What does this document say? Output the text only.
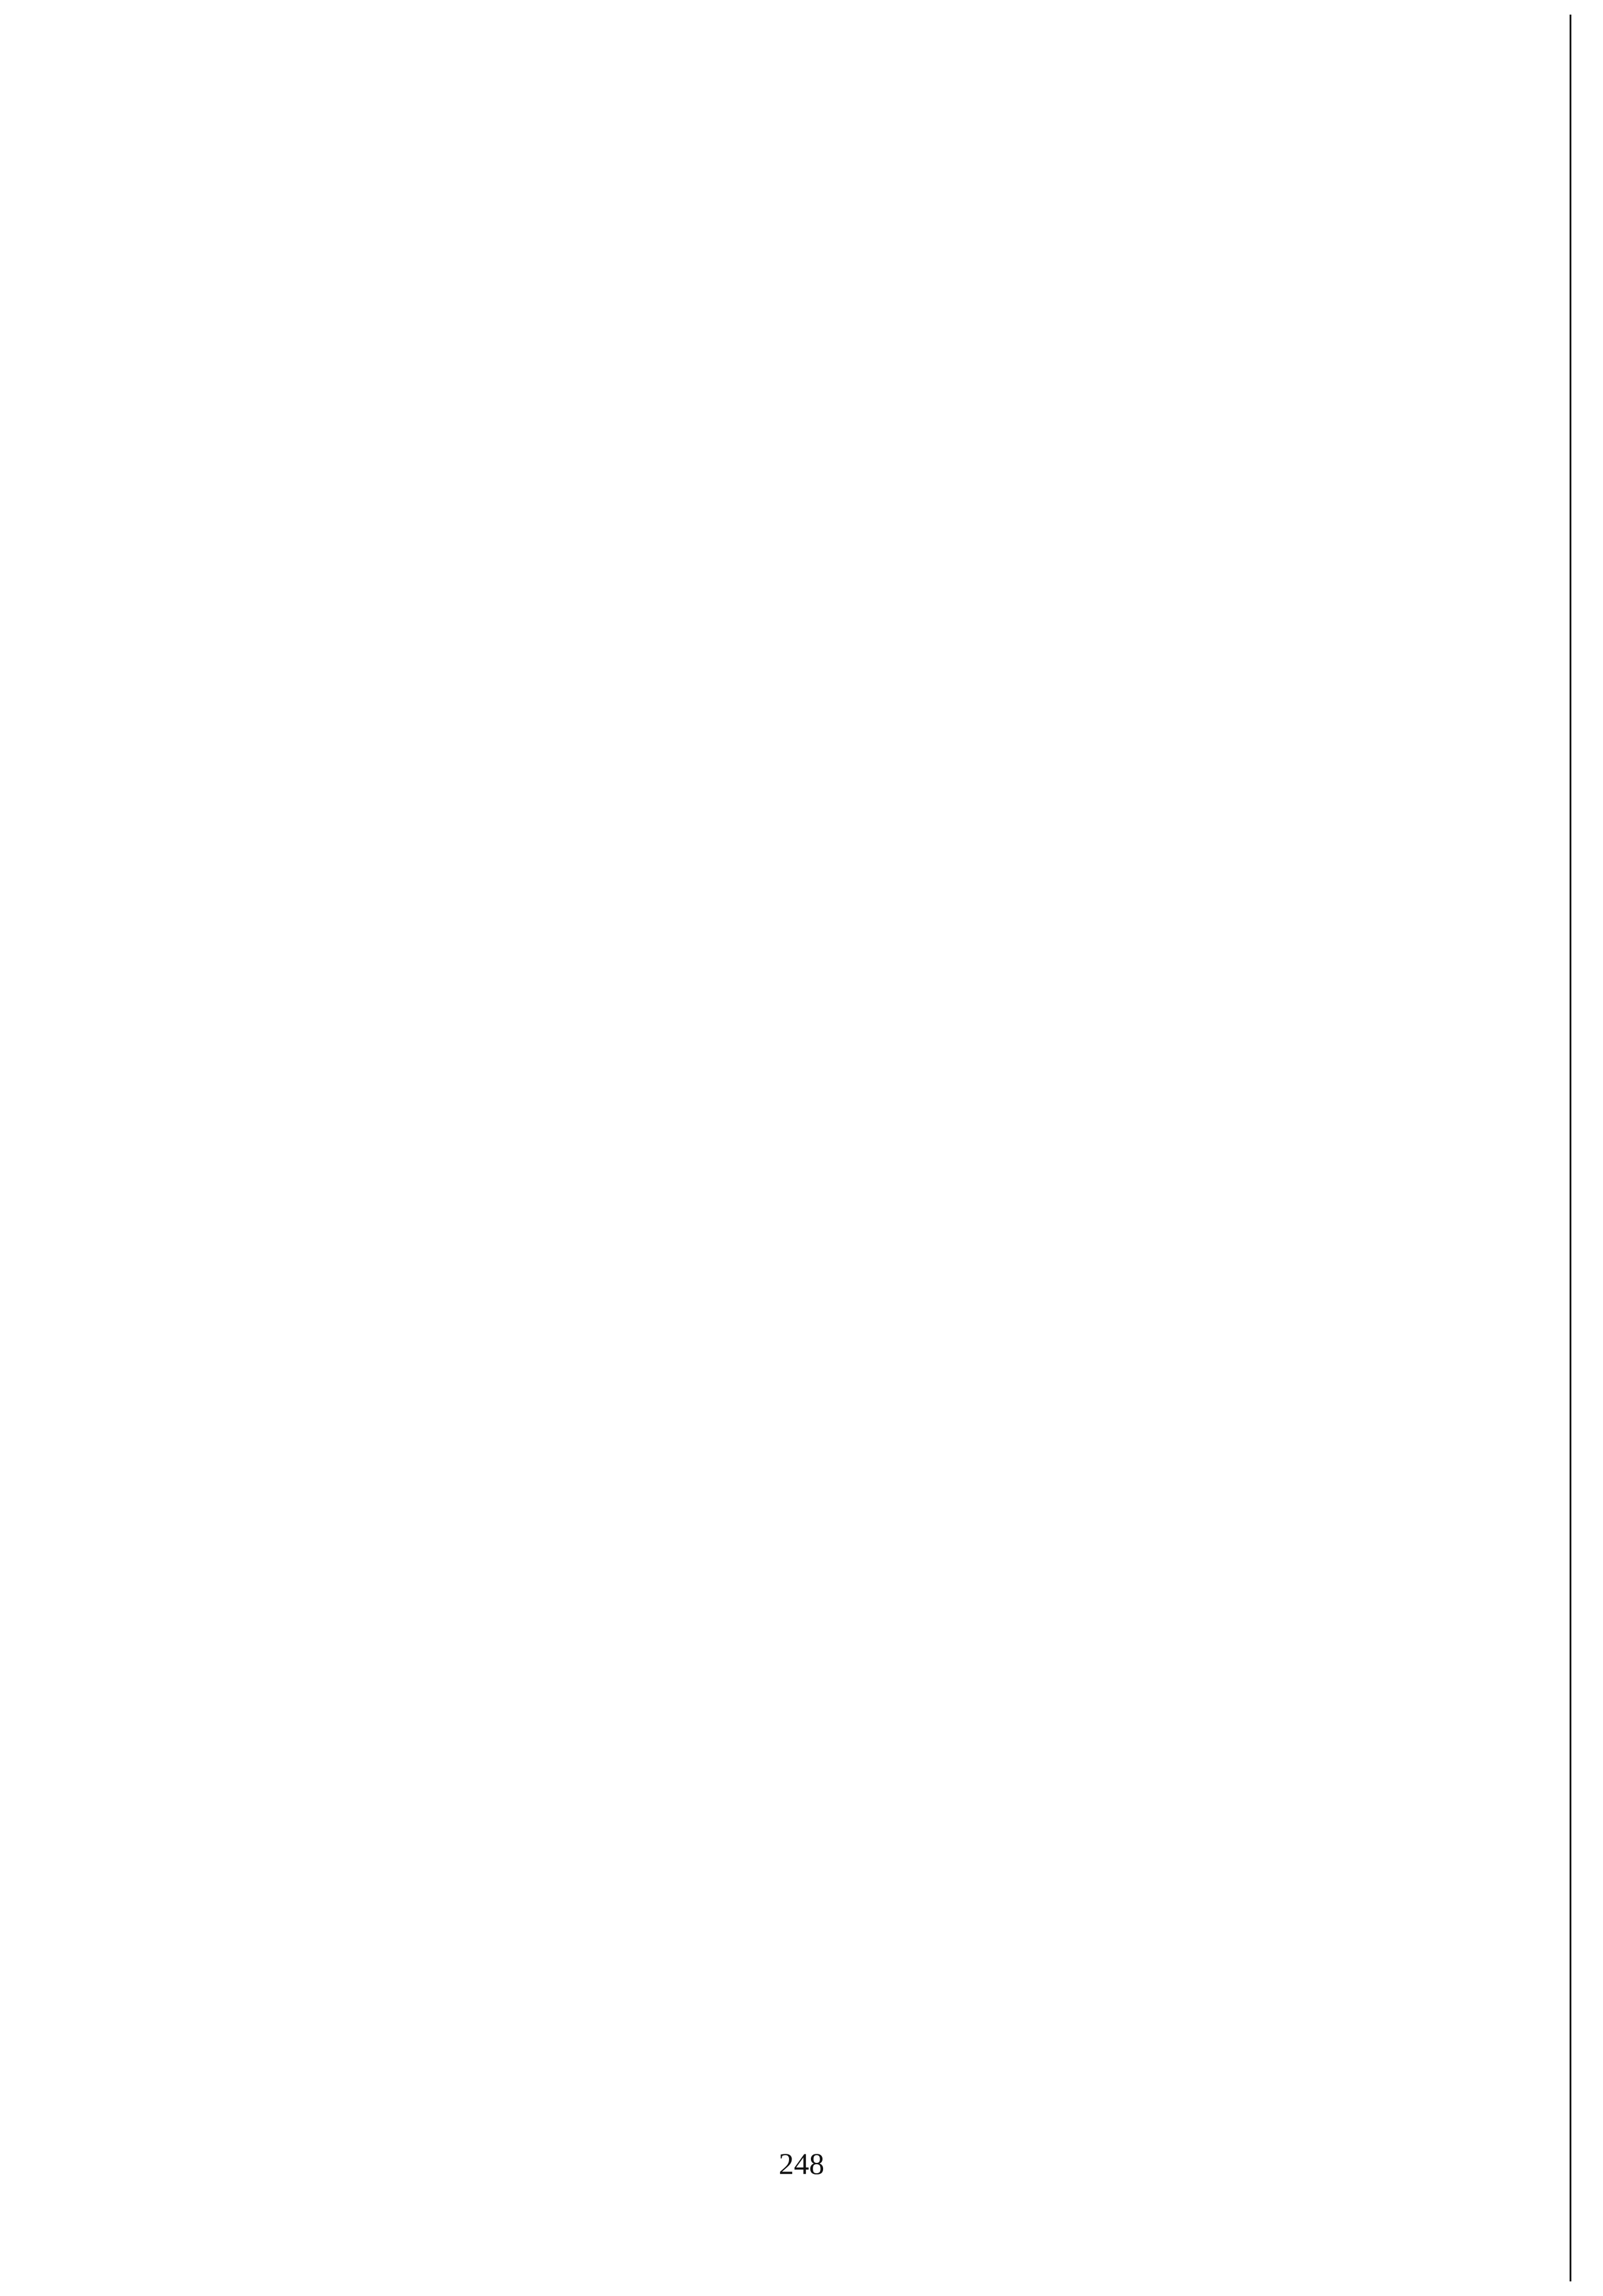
248
